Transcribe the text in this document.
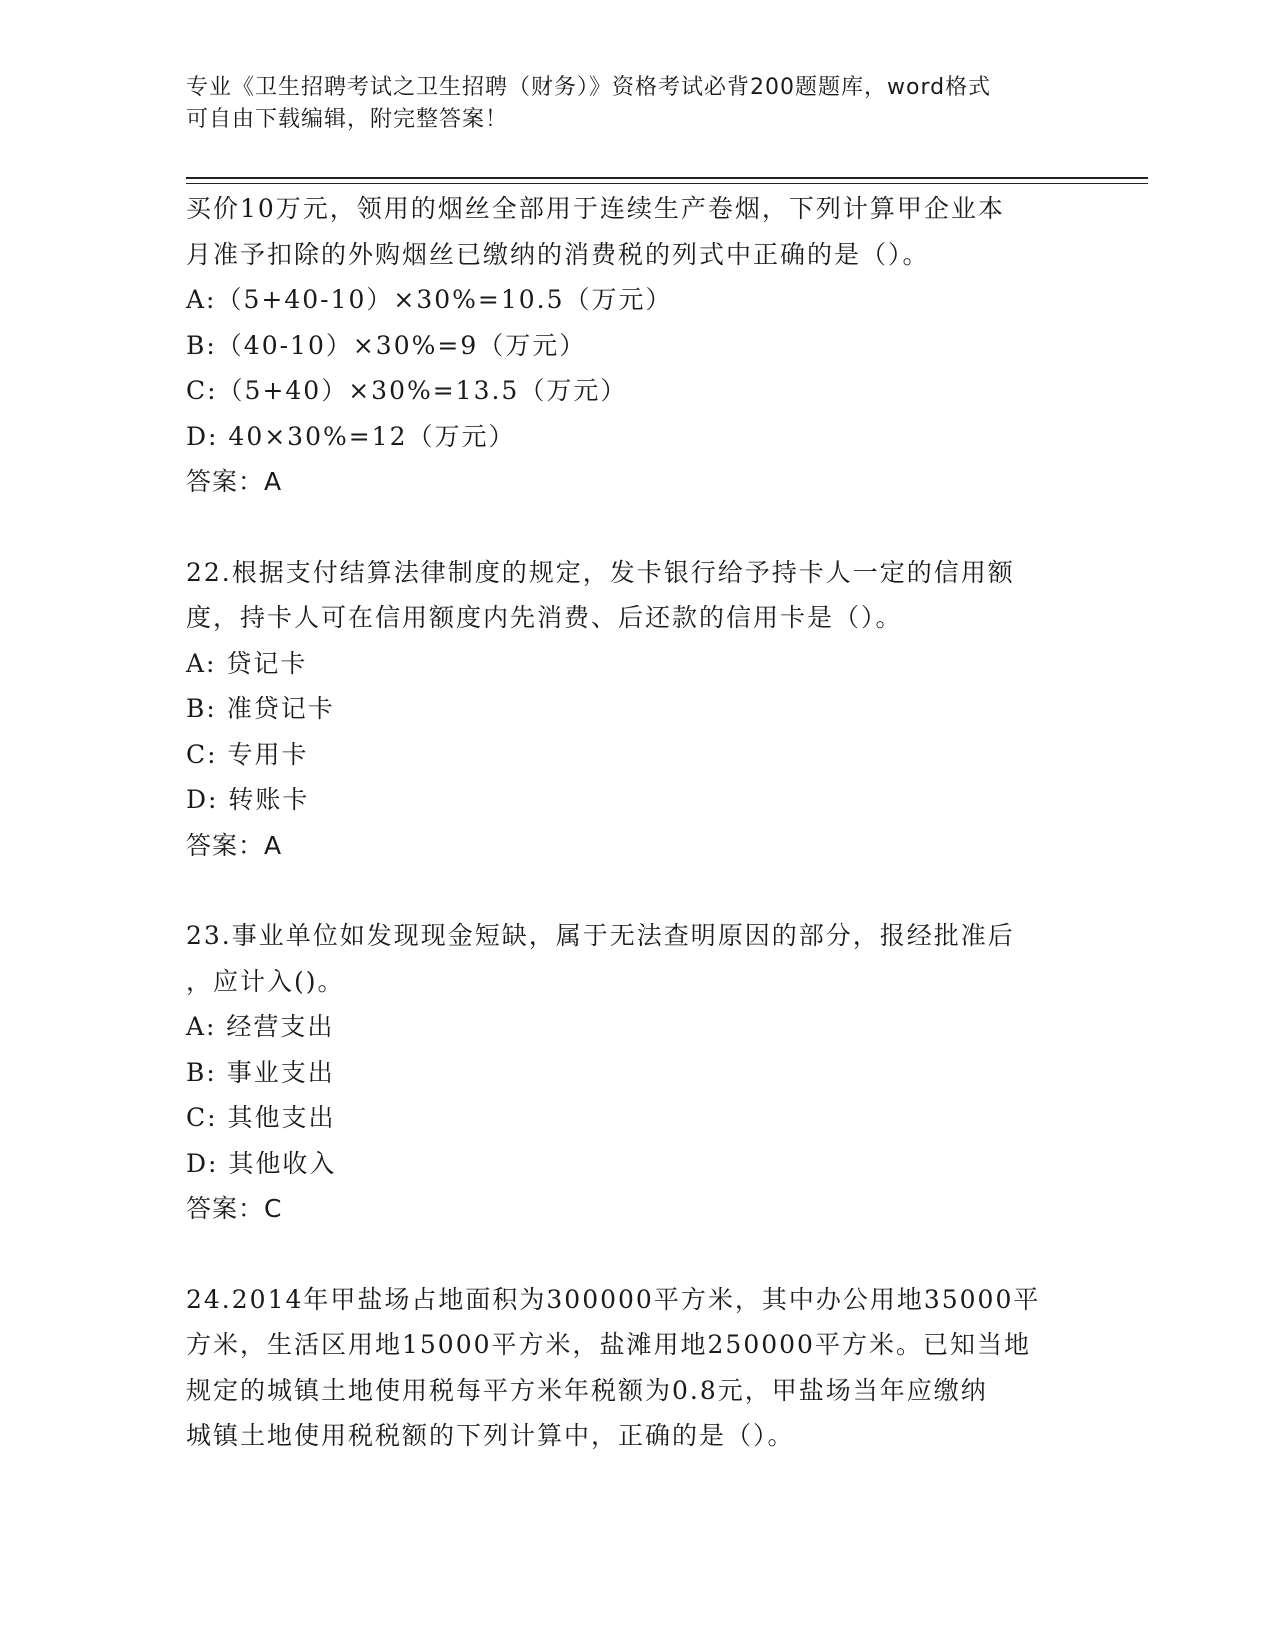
专业《卫生招聘考试之卫生招聘（财务）》资格考试必背200题题库，word格式
可自由下载编辑，附完整答案！
买价10万元，领用的烟丝全部用于连续生产卷烟，下列计算甲企业本
月准予扣除的外购烟丝已缴纳的消费税的列式中正确的是（）。
A:（5+40-10）×30%=10.5（万元）
B:（40-10）×30%=9（万元）
C:（5+40）×30%=13.5（万元）
D: 40×30%=12（万元）
答案：A
22.根据支付结算法律制度的规定，发卡银行给予持卡人一定的信用额
度，持卡人可在信用额度内先消费、后还款的信用卡是（）。
A: 贷记卡
B: 准贷记卡
C: 专用卡
D: 转账卡
答案：A
23.事业单位如发现现金短缺，属于无法查明原因的部分，报经批准后
，应计入()。
A: 经营支出
B: 事业支出
C: 其他支出
D: 其他收入
答案：C
24.2014年甲盐场占地面积为300000平方米，其中办公用地35000平
方米，生活区用地15000平方米，盐滩用地250000平方米。已知当地
规定的城镇土地使用税每平方米年税额为0.8元，甲盐场当年应缴纳
城镇土地使用税税额的下列计算中，正确的是（）。
